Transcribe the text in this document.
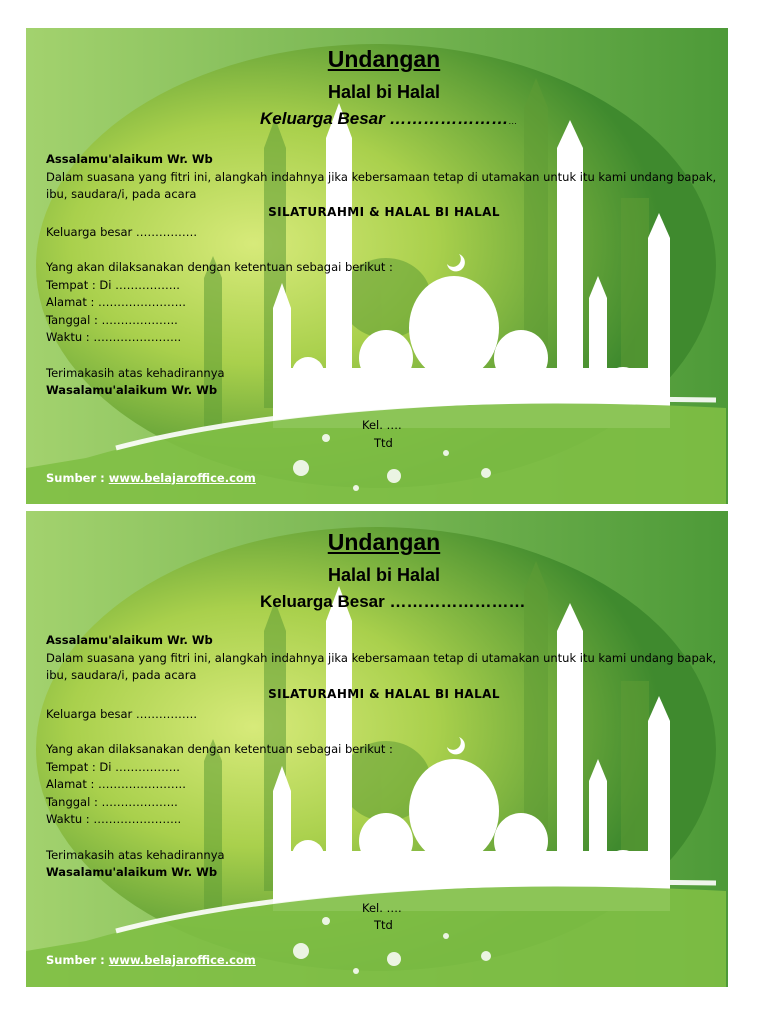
Undangan
Halal bi Halal
Keluarga Besar ……………………
Assalamu'alaikum Wr. Wb
Dalam suasana yang fitri ini, alangkah indahnya jika kebersamaan tetap di utamakan untuk itu kami undang bapak,
ibu, saudara/i, pada acara
SILATURAHMI & HALAL BI HALAL
Keluarga besar …………….
Yang akan dilaksanakan dengan ketentuan sebagai berikut :
Tempat : Di ……………..
Alamat : …………………..
Tanggal : ………………..
Waktu : …………………..
Terimakasih atas kehadirannya
Wasalamu'alaikum Wr. Wb
Kel. ….
Ttd
Sumber : www.belajaroffice.com
Undangan
Halal bi Halal
Keluarga Besar ……………………
Assalamu'alaikum Wr. Wb
Dalam suasana yang fitri ini, alangkah indahnya jika kebersamaan tetap di utamakan untuk itu kami undang bapak,
ibu, saudara/i, pada acara
SILATURAHMI & HALAL BI HALAL
Keluarga besar …………….
Yang akan dilaksanakan dengan ketentuan sebagai berikut :
Tempat : Di ……………..
Alamat : …………………..
Tanggal : ………………..
Waktu : …………………..
Terimakasih atas kehadirannya
Wasalamu'alaikum Wr. Wb
Kel. ….
Ttd
Sumber : www.belajaroffice.com
